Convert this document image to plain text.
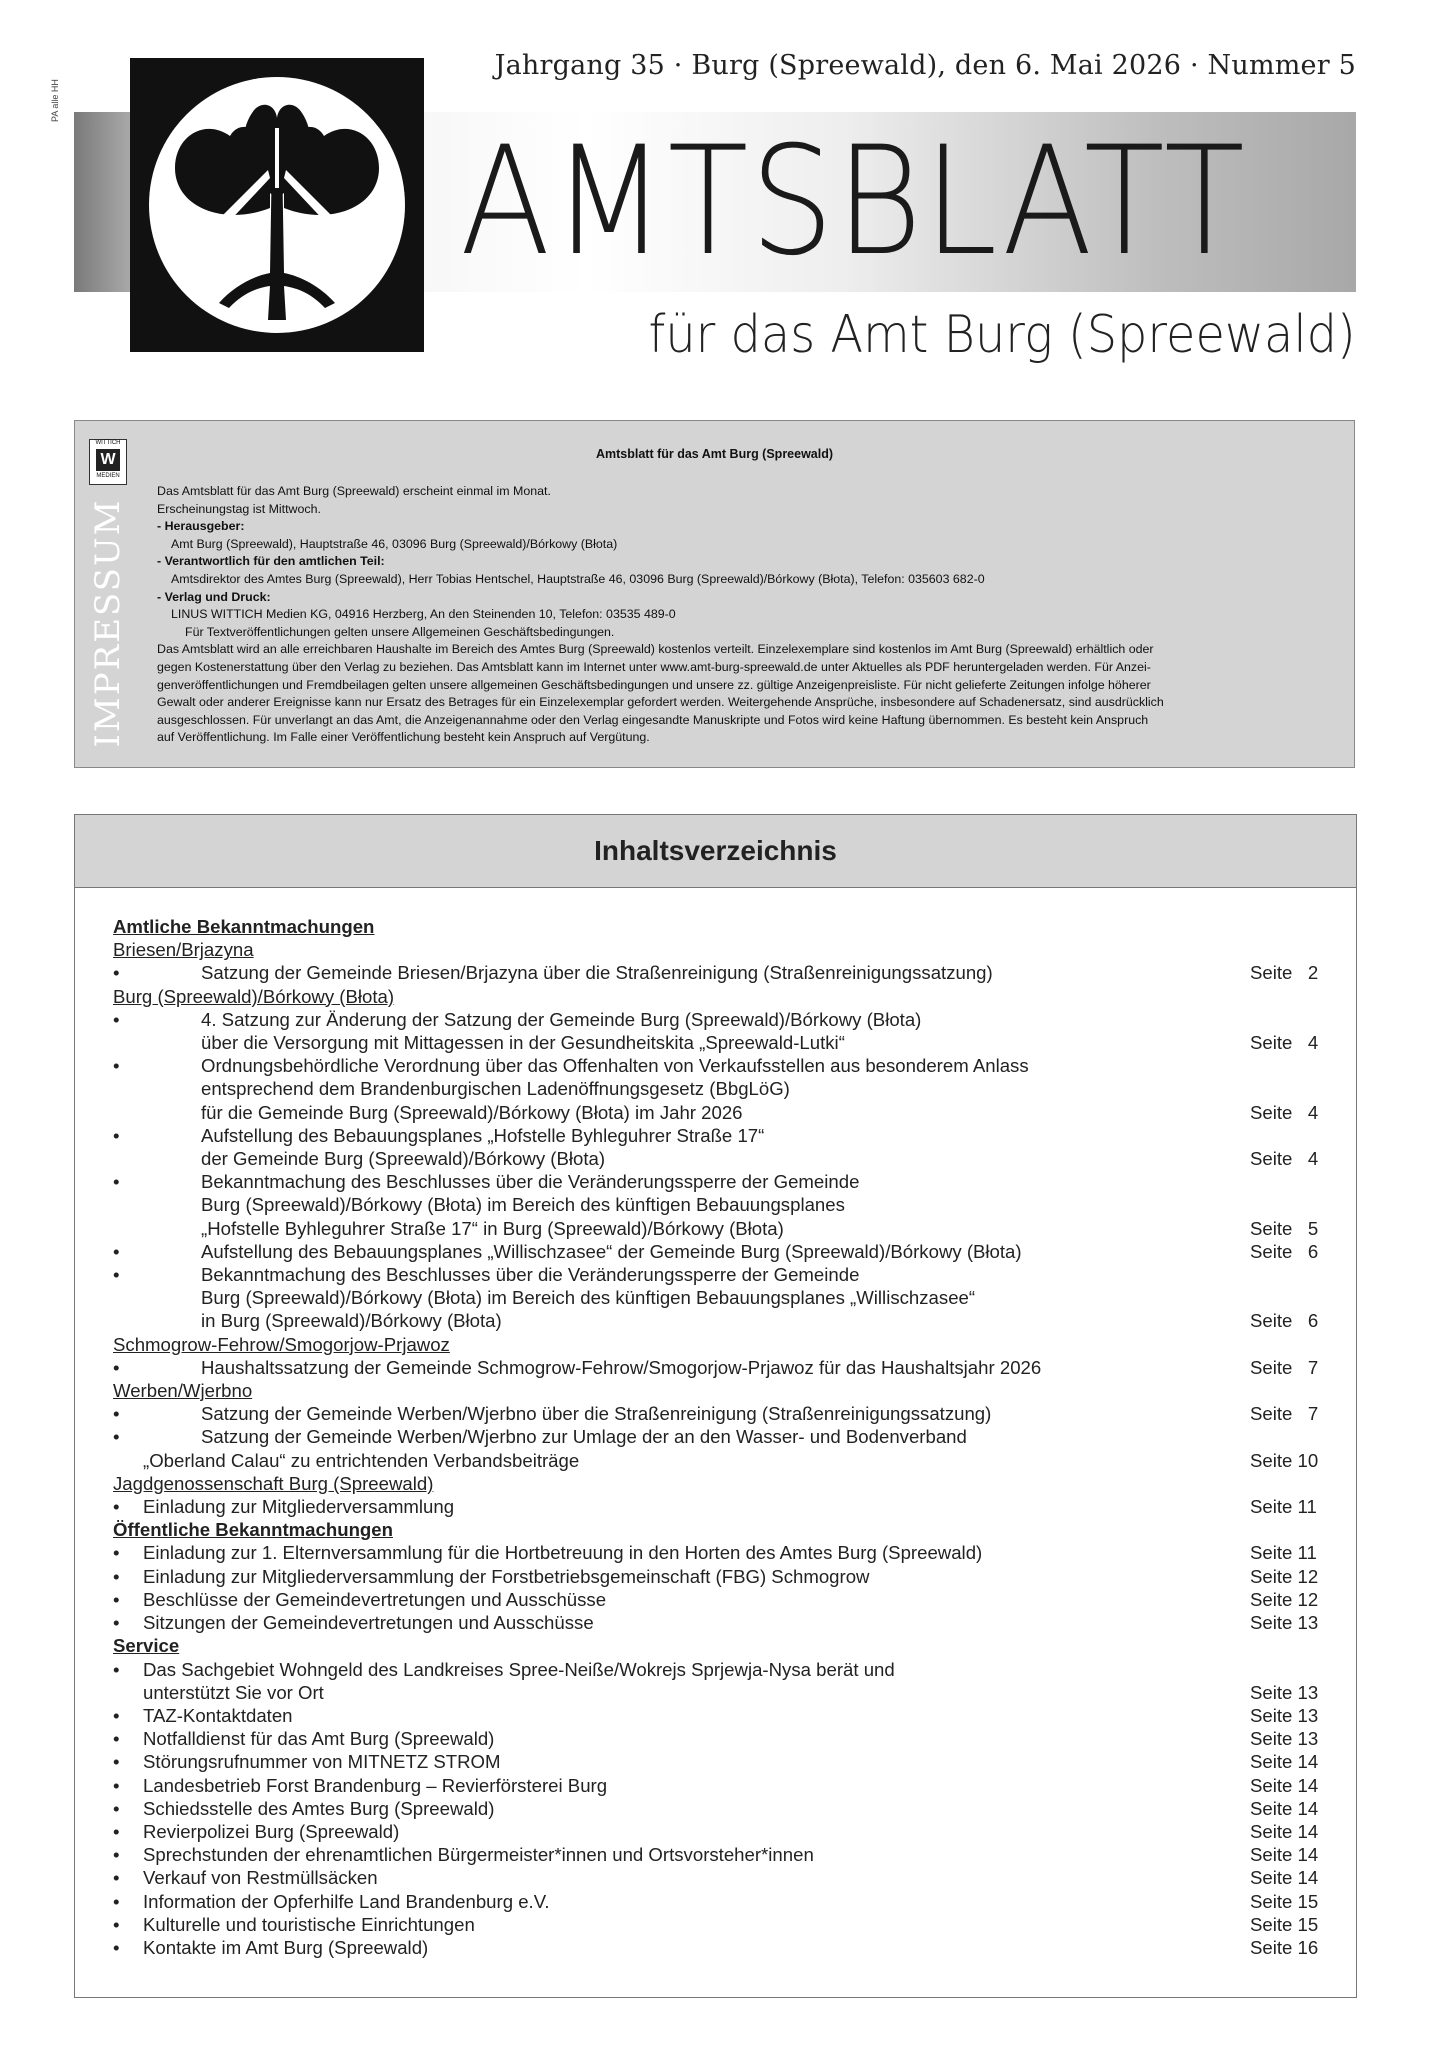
PA alle HH
Jahrgang 35 · Burg (Spreewald), den 6. Mai 2026 · Nummer 5
AMTSBLATT
für das Amt Burg (Spreewald)
WITTICH
W
MEDIEN
IMPRESSUM
Amtsblatt für das Amt Burg (Spreewald)

Das Amtsblatt für das Amt Burg (Spreewald) erscheint einmal im Monat.

Erscheinungstag ist Mittwoch.

- Herausgeber:

Amt Burg (Spreewald), Hauptstraße 46, 03096 Burg (Spreewald)/Bórkowy (Błota)

- Verantwortlich für den amtlichen Teil:

Amtsdirektor des Amtes Burg (Spreewald), Herr Tobias Hentschel, Hauptstraße 46, 03096 Burg (Spreewald)/Bórkowy (Błota), Telefon: 035603 682-0

- Verlag und Druck:

LINUS WITTICH Medien KG, 04916 Herzberg, An den Steinenden 10, Telefon: 03535 489-0

Für Textveröffentlichungen gelten unsere Allgemeinen Geschäftsbedingungen.

Das Amtsblatt wird an alle erreichbaren Haushalte im Bereich des Amtes Burg (Spreewald) kostenlos verteilt. Einzelexemplare sind kostenlos im Amt Burg (Spreewald) erhältlich oder

gegen Kostenerstattung über den Verlag zu beziehen. Das Amtsblatt kann im Internet unter www.amt-burg-spreewald.de unter Aktuelles als PDF heruntergeladen werden. Für Anzei-

genveröffentlichungen und Fremdbeilagen gelten unsere allgemeinen Geschäftsbedingungen und unsere zz. gültige Anzeigenpreisliste. Für nicht gelieferte Zeitungen infolge höherer

Gewalt oder anderer Ereignisse kann nur Ersatz des Betrages für ein Einzelexemplar gefordert werden. Weitergehende Ansprüche, insbesondere auf Schadenersatz, sind ausdrücklich

ausgeschlossen. Für unverlangt an das Amt, die Anzeigenannahme oder den Verlag eingesandte Manuskripte und Fotos wird keine Haftung übernommen. Es besteht kein Anspruch

auf Veröffentlichung. Im Falle einer Veröffentlichung besteht kein Anspruch auf Vergütung.

Inhaltsverzeichnis
Amtliche Bekanntmachungen
Briesen/Brjazyna
•	Satzung der Gemeinde Briesen/Brjazyna über die Straßenreinigung (Straßenreinigungssatzung)	Seite   2
Burg (Spreewald)/Bórkowy (Błota)
•	4. Satzung zur Änderung der Satzung der Gemeinde Burg (Spreewald)/Bórkowy (Błota)
über die Versorgung mit Mittagessen in der Gesundheitskita „Spreewald-Lutki“	Seite   4
•	Ordnungsbehördliche Verordnung über das Offenhalten von Verkaufsstellen aus besonderem Anlass
entsprechend dem Brandenburgischen Ladenöffnungsgesetz (BbgLöG)
für die Gemeinde Burg (Spreewald)/Bórkowy (Błota) im Jahr 2026	Seite   4
•	Aufstellung des Bebauungsplanes „Hofstelle Byhleguhrer Straße 17“
der Gemeinde Burg (Spreewald)/Bórkowy (Błota)	Seite   4
•	Bekanntmachung des Beschlusses über die Veränderungssperre der Gemeinde
Burg (Spreewald)/Bórkowy (Błota) im Bereich des künftigen Bebauungsplanes
„Hofstelle Byhleguhrer Straße 17“ in Burg (Spreewald)/Bórkowy (Błota)	Seite   5
•	Aufstellung des Bebauungsplanes „Willischzasee“ der Gemeinde Burg (Spreewald)/Bórkowy (Błota)	Seite   6
•	Bekanntmachung des Beschlusses über die Veränderungssperre der Gemeinde
Burg (Spreewald)/Bórkowy (Błota) im Bereich des künftigen Bebauungsplanes „Willischzasee“
in Burg (Spreewald)/Bórkowy (Błota)	Seite   6
Schmogrow-Fehrow/Smogorjow-Prjawoz
•	Haushaltssatzung der Gemeinde Schmogrow-Fehrow/Smogorjow-Prjawoz für das Haushaltsjahr 2026	Seite   7
Werben/Wjerbno
•	Satzung der Gemeinde Werben/Wjerbno über die Straßenreinigung (Straßenreinigungssatzung)	Seite   7
•	Satzung der Gemeinde Werben/Wjerbno zur Umlage der an den Wasser- und Bodenverband
„Oberland Calau“ zu entrichtenden Verbandsbeiträge	Seite 10
Jagdgenossenschaft Burg (Spreewald)
•	Einladung zur Mitgliederversammlung	Seite 11
Öffentliche Bekanntmachungen
•	Einladung zur 1. Elternversammlung für die Hortbetreuung in den Horten des Amtes Burg (Spreewald)	Seite 11
•	Einladung zur Mitgliederversammlung der Forstbetriebsgemeinschaft (FBG) Schmogrow	Seite 12
•	Beschlüsse der Gemeindevertretungen und Ausschüsse	Seite 12
•	Sitzungen der Gemeindevertretungen und Ausschüsse	Seite 13
Service
•	Das Sachgebiet Wohngeld des Landkreises Spree-Neiße/Wokrejs Sprjewja-Nysa berät und
unterstützt Sie vor Ort	Seite 13
•	TAZ-Kontaktdaten	Seite 13
•	Notfalldienst für das Amt Burg (Spreewald)	Seite 13
•	Störungsrufnummer von MITNETZ STROM	Seite 14
•	Landesbetrieb Forst Brandenburg – Revierförsterei Burg	Seite 14
•	Schiedsstelle des Amtes Burg (Spreewald)	Seite 14
•	Revierpolizei Burg (Spreewald)	Seite 14
•	Sprechstunden der ehrenamtlichen Bürgermeister*innen und Ortsvorsteher*innen	Seite 14
•	Verkauf von Restmüllsäcken	Seite 14
•	Information der Opferhilfe Land Brandenburg e.V.	Seite 15
•	Kulturelle und touristische Einrichtungen	Seite 15
•	Kontakte im Amt Burg (Spreewald)	Seite 16
